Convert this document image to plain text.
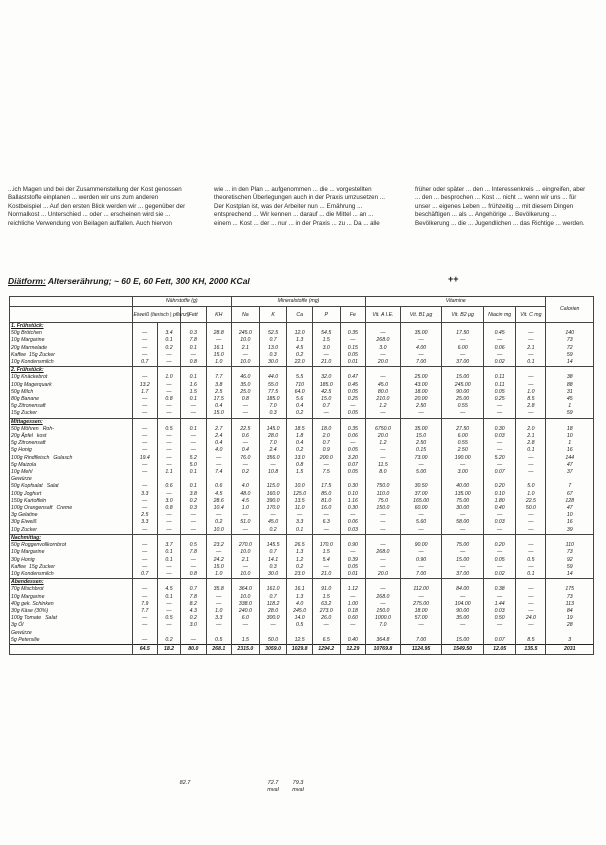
...ich Magen und bei der Zusammenstellung der Kost genossen Ballaststoffe einplanen ... werden wir uns zum anderen Kostbeispiel ... Auf den ersten Blick werden wir ... gegenüber der Normalkost ... Unterschied ... oder ... erscheinen wird sie ... reichliche Verwendung von Beilagen auffallen. Auch hiervon
wie ... in den Plan ... aufgenommen ... die ... vorgestellten theoretischen Überlegungen auch in der Praxis umzusetzen ... Der Kostplan ist, was der Arbeiter nun ... Ernährung ... entsprechend ... Wir kennen ... darauf ... die Mittel ... an ... einem ... Kost ... der ... nur ... in der Praxis ... zu ... Da ... alle
früher oder später ... den ... Interessenkreis ... eingreifen, aber ... den ... besprochen ... Kost ... nicht ... wenn wir uns ... für unser ... eigenes Leben ... frühzeitig ... mit diesem Dingen beschäftigen ... als ... Angehörige ... Bevölkerung ... Bevölkerung ... die ... Jugendlichen ... das Richtige ... werden.
Diätform: Alterserährung; ~ 60 E, 60 Fett, 300 KH, 2000 KCal	++
	Nährstoffe (g)				Mineralstoffe (mg)					Vitamine					Calorien
	Eiweiß (tierisch | pflanzl)		Fett	KH	Na	K	Ca	P	Fe	Vit. A I.E.	Vit. B1 µg	Vit. B2 µg	Niacin mg	Vit. C mg	
1. Frühstück:															
50g Brötchen	—	3.4	0.3	28.8	245.0	52.5	12.0	54.5	0.35	—	35.00	17.50	0.45	—	140
10g Margarine	—	0.1	7.8	—	10.0	0.7	1.3	1.5	—	268.0	—	—	—	—	73
20g Marmelade	—	0.2	0.1	16.1	2.1	13.0	4.5	3.0	0.15	3.0	4.00	6.00	0.06	2.1	72
Kaffee 15g Zucker	—	—	—	15.0	—	0.3	0.2	—	0.05	—	—	—	—	—	59
10g Kondensmilch	0.7	—	0.8	1.0	10.0	30.0	22.0	21.0	0.01	20.0	7.00	37.00	0.02	0.1	14
2. Frühstück:															
10g Knäckebrot	—	1.0	0.1	7.7	46.0	44.0	5.5	32.0	0.47	—	25.00	15.00	0.11	—	38
100g Magerquark	13.2	—	1.6	3.8	35.0	55.0	710	185.0	0.45	45.0	43.00	245.00	0.11	—	88
50g Milch	1.7	—	1.5	2.5	25.0	77.5	64.0	42.5	0.05	80.0	18.00	90.00	0.05	1.0	31
80g Banane	—	0.8	0.1	17.5	0.8	185.0	5.6	15.0	0.25	210.0	20.00	25.00	0.25	8.5	45
5g Zitronensaft	—	—	—	0.4	—	7.0	0.4	0.7	—	1.2	2.50	0.55	—	2.8	1
15g Zucker	—	—	—	15.0	—	0.3	0.2	—	0.05	—	—	—	—	—	59
Mittagessen:															
50g Möhren Roh-	—	0.5	0.1	2.7	22.5	145.0	18.5	18.0	0.35	6750.0	35.00	27.50	0.30	2.0	18
20g Äpfel kost	—	—	—	2.4	0.6	28.0	1.8	2.0	0.06	20.0	15.0	6.00	0.03	2.1	10
5g Zitronensaft	—	—	—	0.4	—	7.0	0.4	0.7	—	1.2	2.50	0.55	—	2.8	1
5g Honig	—	—	—	4.0	0.4	2.4	0.2	0.9	0.05	—	0.15	2.50	—	0.1	16
100g Rindfleisch Gulasch	19.4	—	5.2	—	76.0	356.0	13.0	200.0	3.20	—	73.00	190.00	5.20	—	144
5g Maizola	—	—	5.0	—	—	—	0.8	—	0.07	11.5	—	—	—	—	47
10g Mehl	—	1.1	0.1	7.4	0.2	10.8	1.5	7.5	0.05	8.0	5.00	3.00	0.07	—	37
Gewürze															
50g Kopfsalat Salat	—	0.6	0.1	0.6	4.0	115.0	10.0	17.5	0.30	750.0	30.50	40.00	0.20	5.0	7
100g Joghurt	3.3	—	3.8	4.5	48.0	160.0	125.0	85.0	0.10	110.0	37.00	135.00	0.10	1.0	67
150g Kartoffeln	—	3.0	0.2	28.6	4.5	390.0	13.5	81.0	1.16	75.0	165.00	75.00	1.80	22.5	128
100g Orangensaft Creme	—	0.8	0.3	10.4	1.0	170.0	11.0	16.0	0.30	150.0	60.00	30.00	0.40	50.0	47
3g Gelatine	2.5	—	—	—	—	—	—	—	—	—	—	—	—	—	10
30g Eiweiß	3.3	—	—	0.2	51.0	45.0	3.3	6.3	0.06	—	5.60	58.00	0.03	—	16
10g Zucker	—	—	—	10.0	—	0.2	0.1	—	0.03	—	—	—	—	—	39
Nachmittag:															
50g Roggenvollkornbrot	—	3.7	0.5	23.2	270.0	145.5	26.5	170.0	0.90	—	90.00	75.00	0.20	—	110
10g Margarine	—	0.1	7.8	—	10.0	0.7	1.3	1.5	—	268.0	—	—	—	—	73
30g Honig	—	0.1	—	24.2	2.1	14.1	1.2	5.4	0.39	—	0.90	15.00	0.05	0.5	92
Kaffee 15g Zucker	—	—	—	15.0	—	0.3	0.2	—	0.05	—	—	—	—	—	59
10g Kondensmilch	0.7	—	0.8	1.0	10.0	30.0	23.0	21.0	0.01	20.0	7.00	37.00	0.02	0.1	14
Abendessen:															
70g Mischbrot	—	4.5	0.7	35.8	364.0	161.0	16.1	91.0	1.12	—	112.00	84.00	0.38	—	175
10g Margarine	—	0.1	7.8	—	10.0	0.7	1.3	1.5	—	268.0	—	—	—	—	73
40g gek. Schinken	7.9	—	8.2	—	338.0	118.2	4.0	63.2	1.00	—	275.00	104.00	1.44	—	113
30g Käse (30%)	7.7	—	4.3	1.0	240.0	28.0	245.0	273.0	0.18	150.0	18.00	90.00	0.03	—	84
100g Tomate Salat	—	0.5	0.2	3.3	6.0	300.0	14.0	26.0	0.60	1000.0	57.00	35.00	0.50	24.0	19
3g Öl	—	—	3.0	—	—	—	0.5	—	—	7.0	—	—	—	—	28
Gewürze															
5g Petersilie	—	0.2	—	0.5	1.5	50.0	12.5	6.5	0.40	364.8	7.00	15.00	0.07	8.5	3
	64.5	18.2	80.0	268.1	2315.0	3059.0	1029.8	1294.2	12.29	10769.8	1124.95	1549.50	12.05	135.5	2031
82.7	72.7
mval
79.3
mval
